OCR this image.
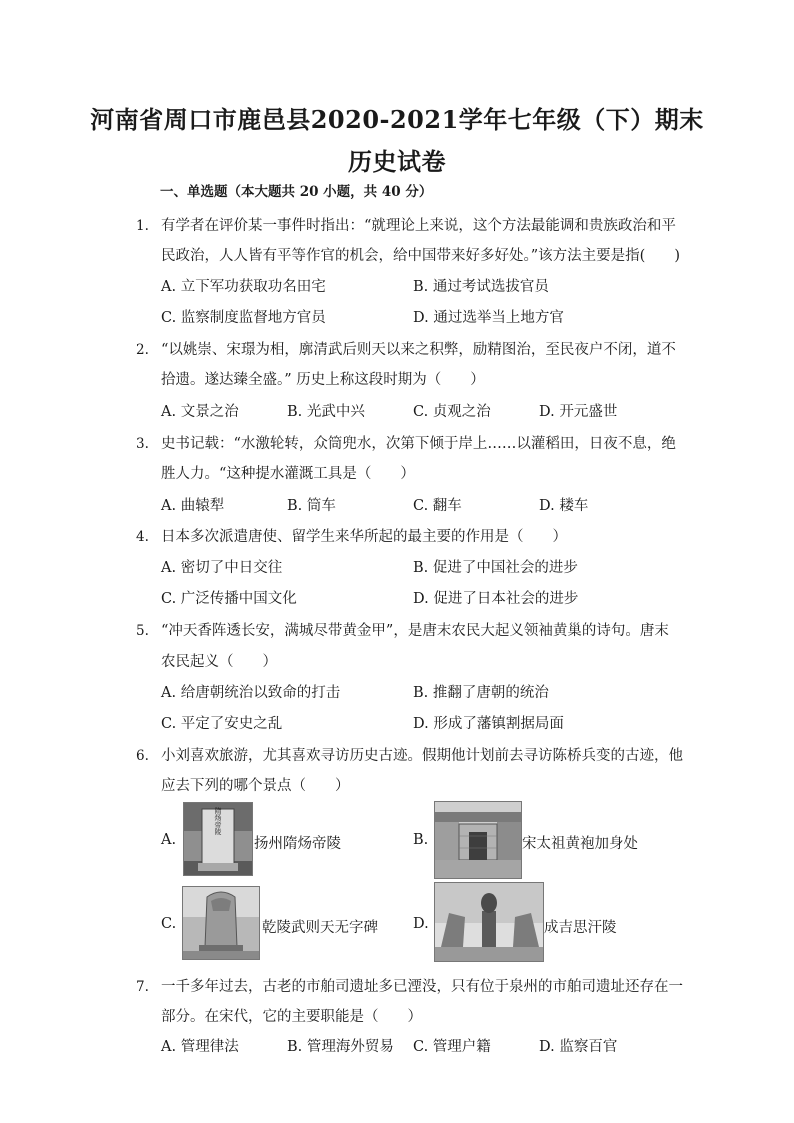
河南省周口市鹿邑县2020-2021学年七年级（下）期末
历史试卷
一、单选题（本大题共 20 小题，共 40 分）
1. 有学者在评价某一事件时指出：“就理论上来说，这个方法最能调和贵族政治和平
民政治，人人皆有平等作官的机会，给中国带来好多好处。”该方法主要是指(　　)
A. 立下军功获取功名田宅	B. 通过考试选拔官员
C. 监察制度监督地方官员	D. 通过选举当上地方官
2. “以姚崇、宋璟为相，廓清武后则天以来之积弊，励精图治，至民夜户不闭，道不
拾遗。遂达臻全盛。” 历史上称这段时期为（　　）
A. 文景之治	B. 光武中兴	C. 贞观之治	D. 开元盛世
3. 史书记载：“水激轮转，众筒兜水，次第下倾于岸上……以灌稻田，日夜不息，绝
胜人力。“这种提水灌溉工具是（　　）
A. 曲辕犁	B. 筒车	C. 翻车	D. 耧车
4. 日本多次派遣唐使、留学生来华所起的最主要的作用是（　　）
A. 密切了中日交往	B. 促进了中国社会的进步
C. 广泛传播中国文化	D. 促进了日本社会的进步
5. “冲天香阵透长安，满城尽带黄金甲”，是唐末农民大起义领袖黄巢的诗句。唐末
农民起义（　　）
A. 给唐朝统治以致命的打击	B. 推翻了唐朝的统治
C. 平定了安史之乱	D. 形成了藩镇割据局面
6. 小刘喜欢旅游，尤其喜欢寻访历史古迹。假期他计划前去寻访陈桥兵变的古迹，他
应去下列的哪个景点（　　）
A.
隋炀帝陵
扬州隋炀帝陵	B.	宋太祖黄袍加身处
C.	乾陵武则天无字碑 D.	成吉思汗陵
7. 一千多年过去，古老的市舶司遗址多已湮没，只有位于泉州的市舶司遗址还存在一
部分。在宋代，它的主要职能是（　　）
A. 管理律法	B. 管理海外贸易 C. 管理户籍	D. 监察百官
